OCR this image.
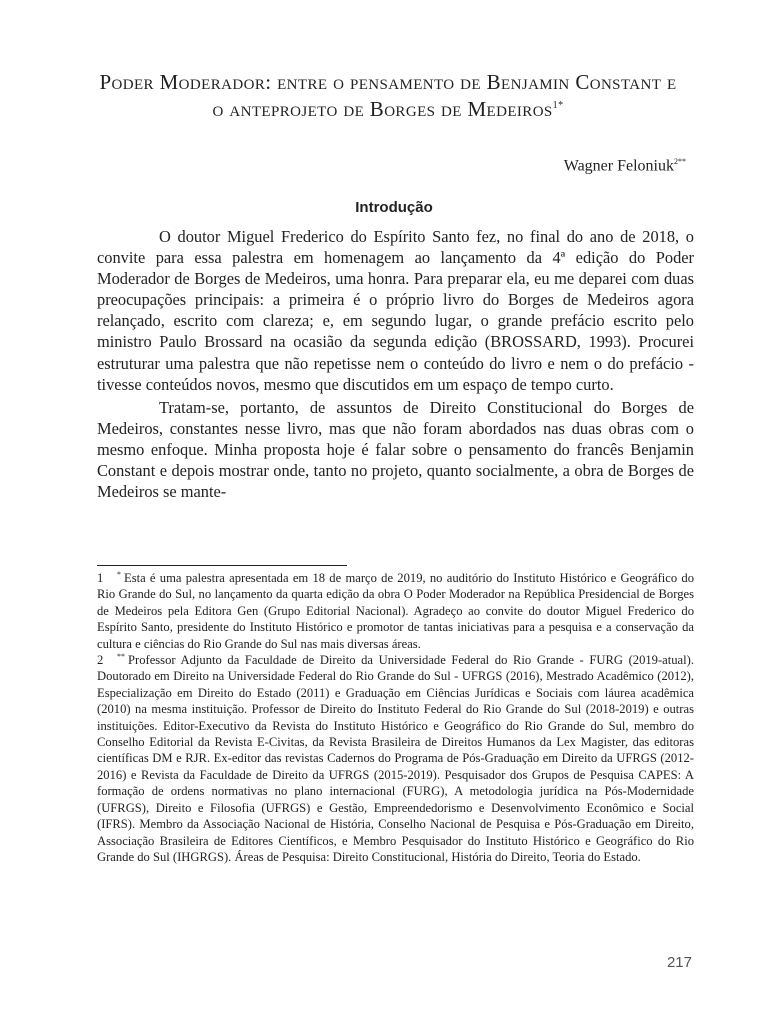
Poder Moderador: entre o pensamento de Benjamin Constant e o anteprojeto de Borges de Medeiros$^{1*}$
Wagner Feloniuk$^{2**}$
Introdução

O doutor Miguel Frederico do Espírito Santo fez, no final do ano de 2018, o convite para essa palestra em homenagem ao lançamento da 4ª edição do Poder Moderador de Borges de Medeiros, uma honra. Para preparar ela, eu me deparei com duas preocupações principais: a primeira é o próprio livro do Borges de Medeiros agora relançado, escrito com clareza; e, em segundo lugar, o grande prefácio escrito pelo ministro Paulo Brossard na ocasião da segunda edição (BROSSARD, 1993). Procurei estruturar uma palestra que não repetisse nem o conteúdo do livro e nem o do prefácio - tivesse conteúdos novos, mesmo que discutidos em um espaço de tempo curto.

Tratam-se, portanto, de assuntos de Direito Constitucional do Borges de Medeiros, constantes nesse livro, mas que não foram abordados nas duas obras com o mesmo enfoque. Minha proposta hoje é falar sobre o pensamento do francês Benjamin Constant e depois mostrar onde, tanto no projeto, quanto socialmente, a obra de Borges de Medeiros se mante-

1 * Esta é uma palestra apresentada em 18 de março de 2019, no auditório do Instituto Histórico e Geográfico do Rio Grande do Sul, no lançamento da quarta edição da obra O Poder Moderador na República Presidencial de Borges de Medeiros pela Editora Gen (Grupo Editorial Nacional). Agradeço ao convite do doutor Miguel Frederico do Espírito Santo, presidente do Instituto Histórico e promotor de tantas iniciativas para a pesquisa e a conservação da cultura e ciências do Rio Grande do Sul nas mais diversas áreas.

2 ** Professor Adjunto da Faculdade de Direito da Universidade Federal do Rio Grande - FURG (2019-atual). Doutorado em Direito na Universidade Federal do Rio Grande do Sul - UFRGS (2016), Mestrado Acadêmico (2012), Especialização em Direito do Estado (2011) e Graduação em Ciências Jurídicas e Sociais com láurea acadêmica (2010) na mesma instituição. Professor de Direito do Instituto Federal do Rio Grande do Sul (2018-2019) e outras instituições. Editor-Executivo da Revista do Instituto Histórico e Geográfico do Rio Grande do Sul, membro do Conselho Editorial da Revista E-Civitas, da Revista Brasileira de Direitos Humanos da Lex Magister, das editoras científicas DM e RJR. Ex-editor das revistas Cadernos do Programa de Pós-Graduação em Direito da UFRGS (2012-2016) e Revista da Faculdade de Direito da UFRGS (2015-2019). Pesquisador dos Grupos de Pesquisa CAPES: A formação de ordens normativas no plano internacional (FURG), A metodologia jurídica na Pós-Modernidade (UFRGS), Direito e Filosofia (UFRGS) e Gestão, Empreendedorismo e Desenvolvimento Econômico e Social (IFRS). Membro da Associação Nacional de História, Conselho Nacional de Pesquisa e Pós-Graduação em Direito, Associação Brasileira de Editores Científicos, e Membro Pesquisador do Instituto Histórico e Geográfico do Rio Grande do Sul (IHGRGS). Áreas de Pesquisa: Direito Constitucional, História do Direito, Teoria do Estado.

217
